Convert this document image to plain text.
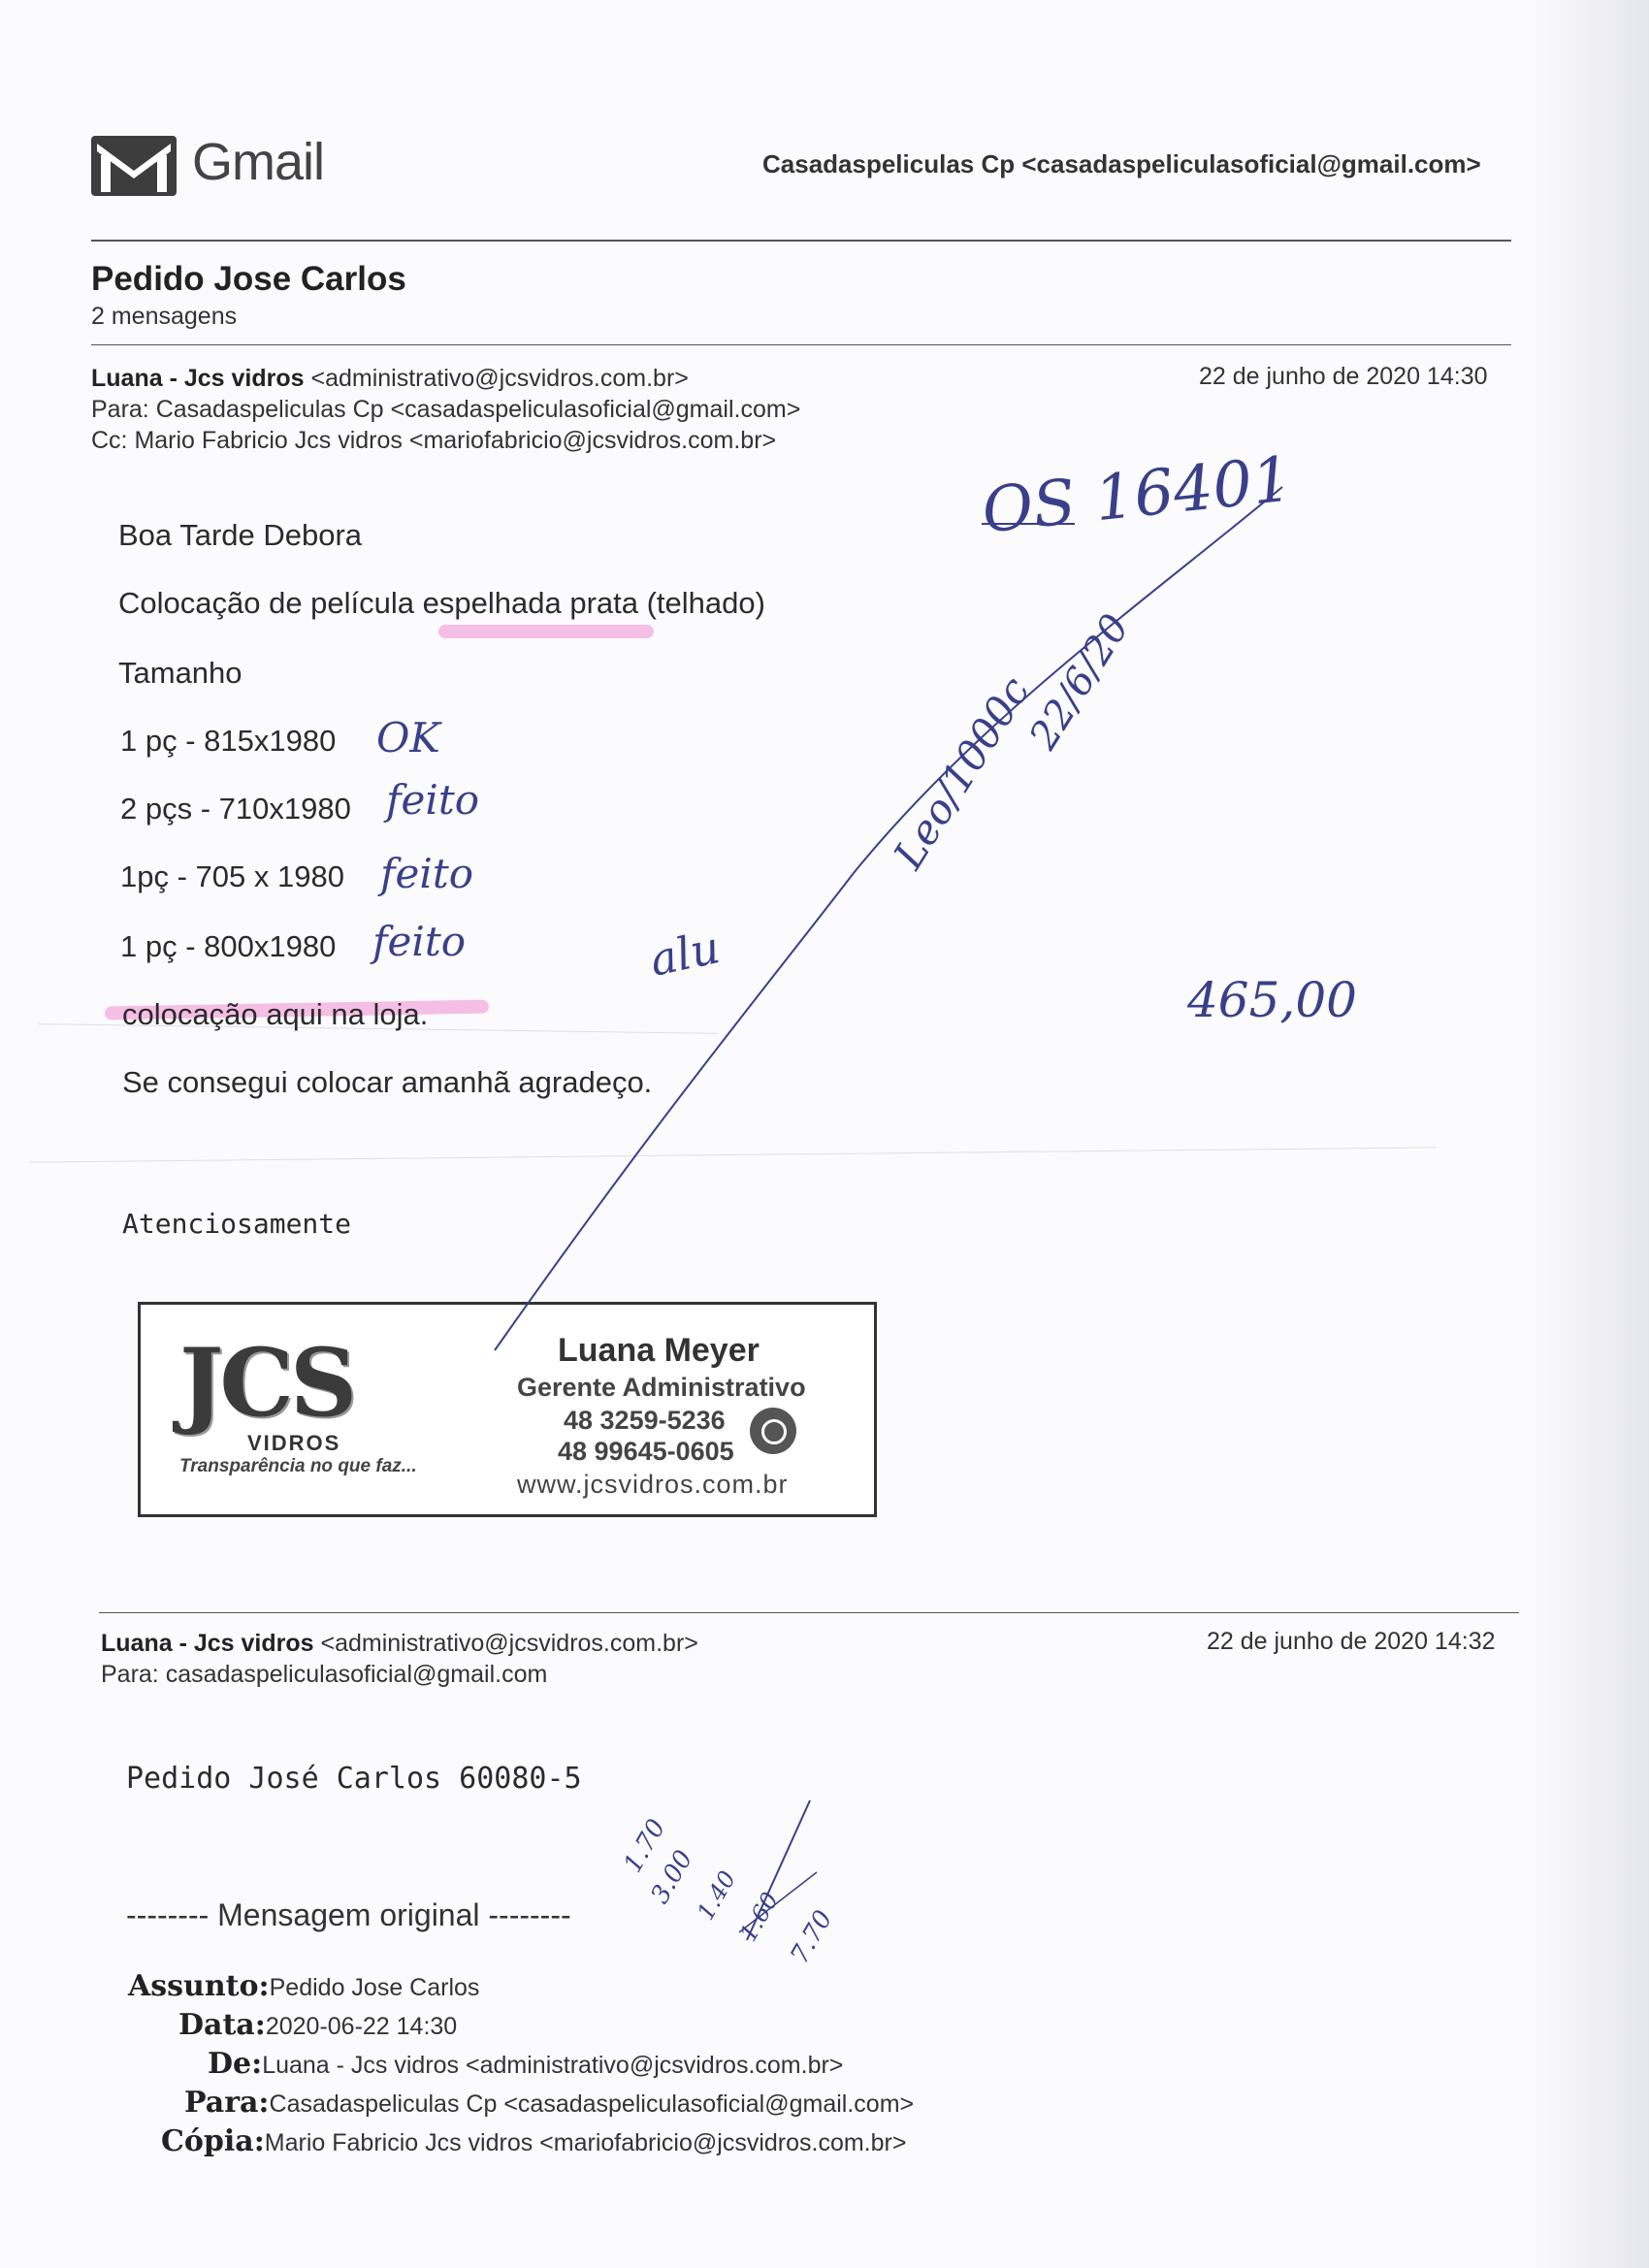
Gmail	Casadaspeliculas Cp <casadaspeliculasoficial@gmail.com>
Pedido Jose Carlos
2 mensagens
Luana - Jcs vidros <administrativo@jcsvidros.com.br>
Para: Casadaspeliculas Cp <casadaspeliculasoficial@gmail.com>
Cc: Mario Fabricio Jcs vidros <mariofabricio@jcsvidros.com.br>
22 de junho de 2020 14:30
Boa Tarde Debora
Colocação de película espelhada prata (telhado)
Tamanho
1 pç - 815x1980
2 pçs - 710x1980
1pç - 705 x 1980
1 pç - 800x1980
colocação aqui na loja.
Se consegui colocar amanhã agradeço.
Atenciosamente
JCS
VIDROS
Transparência no que faz...
Luana Meyer
Gerente Administrativo
48 3259-5236
48 99645-0605
www.jcsvidros.com.br
Luana - Jcs vidros <administrativo@jcsvidros.com.br>
Para: casadaspeliculasoficial@gmail.com
22 de junho de 2020 14:32
Pedido José Carlos 60080-5
-------- Mensagem original --------
Assunto:Pedido Jose Carlos
Data:2020-06-22 14:30
De:Luana - Jcs vidros <administrativo@jcsvidros.com.br>
Para:Casadaspeliculas Cp <casadaspeliculasoficial@gmail.com>
Cópia:Mario Fabricio Jcs vidros <mariofabricio@jcsvidros.com.br>
OS 16401
22/6/20
Leo/1000c
OK
feito
feito
feito	alu
465,00
1.70
3.00
1.40
1.60 7.70
